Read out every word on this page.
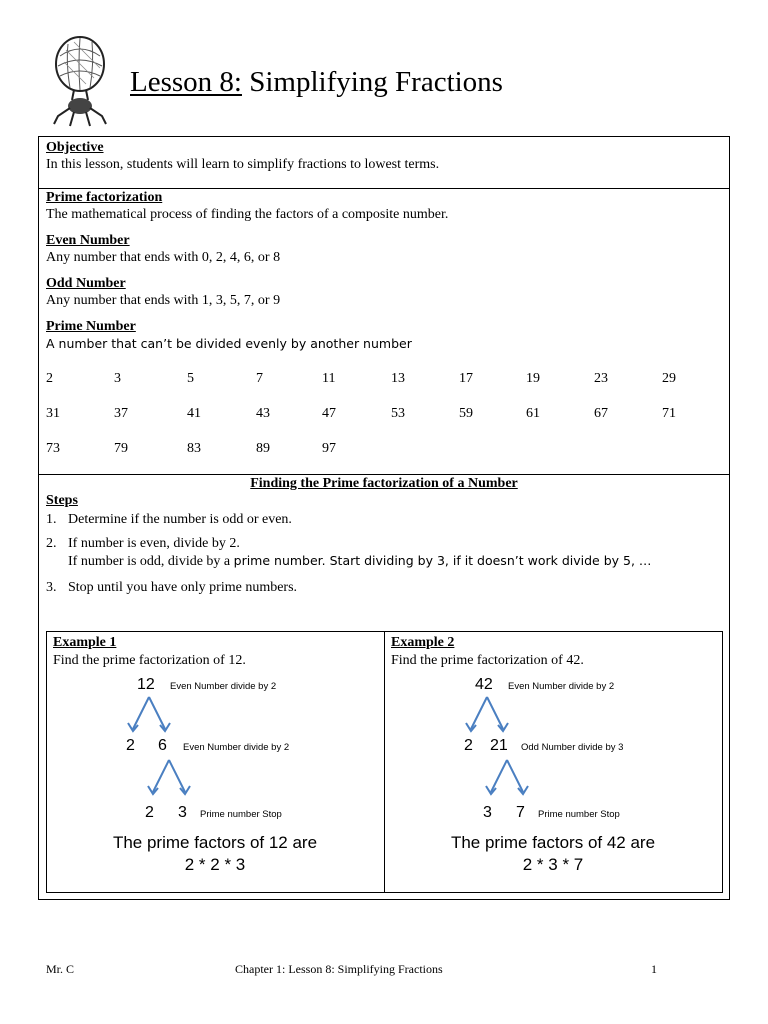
Lesson 8: Simplifying Fractions
Objective
In this lesson, students will learn to simplify fractions to lowest terms.
Prime factorization
The mathematical process of finding the factors of a composite number.
Even Number
Any number that ends with 0, 2, 4, 6, or 8
Odd Number
Any number that ends with 1, 3, 5, 7, or 9
Prime Number
A number that can’t be divided evenly by another number
2	3	5	7	11	13	17	19	23	29
31	37	41	43	47	53	59	61	67	71
73	79	83	89	97
Finding the Prime factorization of a Number
Steps
1. Determine if the number is odd or even.
2. If number is even, divide by 2.
If number is odd, divide by a prime number. Start dividing by 3, if it doesn’t work divide by 5, …
3. Stop until you have only prime numbers.
Example 1
Find the prime factorization of 12.
12 Even Number divide by 2
2 6 Even Number divide by 2
2 3 Prime number Stop
The prime factors of 12 are
2 * 2 * 3
Example 2
Find the prime factorization of 42.
42 Even Number divide by 2
2 21 Odd Number divide by 3
3 7 Prime number Stop
The prime factors of 42 are
2 * 3 * 7
Mr. C	Chapter 1: Lesson 8: Simplifying Fractions	1
